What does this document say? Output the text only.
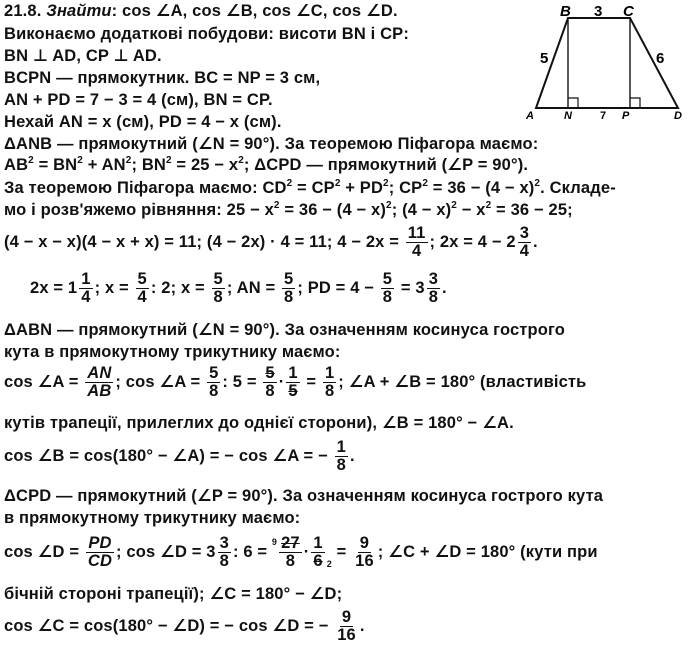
B	C
A	N	P	D
3
5	6
7
21.8. Знайти: cos ∠A, cos ∠B, cos ∠C, cos ∠D.
Виконаємо додаткові побудови: висоти BN і CP:
BN ⊥ AD, CP ⊥ AD.
BCPN — прямокутник. BC = NP = 3 см,
AN + PD = 7 − 3 = 4 (см), BN = CP.
Нехай AN = x (см), PD = 4 − x (см).
ΔANB — прямокутний (∠N = 90°). За теоремою Піфагора маємо:
$AB^2 = BN^2 + AN^2$; $BN^2 = 25 - x^2$; ΔCPD — прямокутний (∠P = 90°).
За теоремою Піфагора маємо: $CD^2 = CP^2 + PD^2$; $CP^2 = 36 - (4 - x)^2$. Складе-
мо і розв'яжемо рівняння: $25 - x^2 = 36 - (4 - x)^2$; $(4 - x)^2 - x^2 = 36 - 25$;
(4 − x − x)(4 − x + x) = 11; (4 − 2x) · 4 = 11; $4 - 2x = \frac{11}{4}$ ; $2x = 4 - 2 \frac{3}{4}$ .
$2x = 1 \frac{1}{4}$ ; $x = \frac{5}{4}$ : 2; $x = \frac{5}{8}$ ; AN = $\frac{5}{8}$ ; PD = $4 - \frac{5}{8} = 3 \frac{3}{8}$ .
ΔABN — прямокутний (∠N = 90°). За означенням косинуса гострого
кута в прямокутному трикутнику маємо:
cos ∠A = $\frac{AN}{AB}$ ; cos ∠A = $\frac{5}{8}$ : $5 = \frac{5}{8} \cdot \frac{1}{5} = \frac{1}{8}$ ; ∠A + ∠B = 180° (властивість
кутів трапеції, прилеглих до однієї сторони), ∠B = 180° − ∠A.
cos ∠B = cos(180° − ∠A) = − cos ∠A = − $\frac{1}{8}$ .
ΔCPD — прямокутний (∠P = 90°). За означенням косинуса гострого кута
в прямокутному трикутнику маємо:
cos ∠D = $\frac{PD}{CD}$ ; cos ∠D = $3 \frac{3}{8}$ : $6 = ^9 \frac{27}{8} \cdot \frac{1}{6} _2 = \frac{9}{16}$ ; ∠C + ∠D = 180° (кути при
бічній стороні трапеції); ∠C = 180° − ∠D;
cos ∠C = cos(180° − ∠D) = − cos ∠D = − $\frac{9}{16}$ .
